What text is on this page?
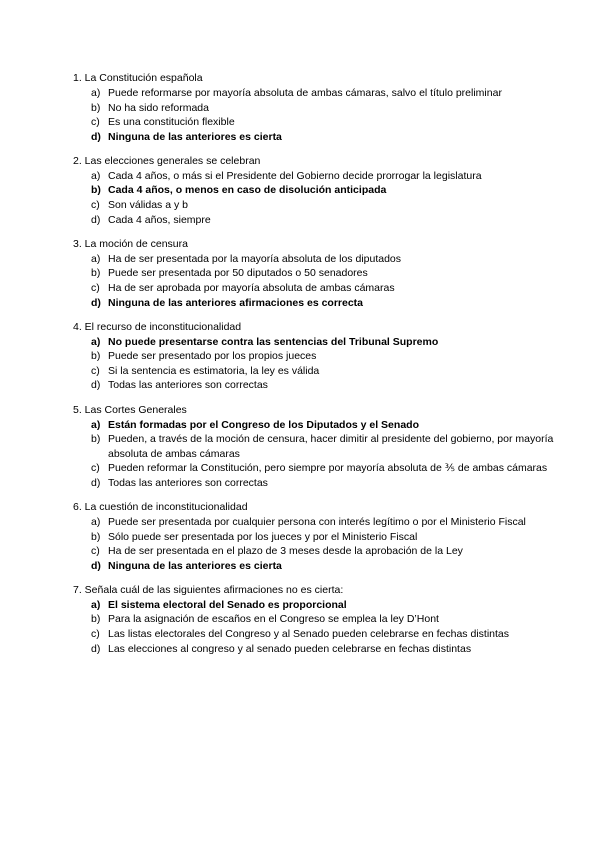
1. La Constitución española
a) Puede reformarse por mayoría absoluta de ambas cámaras, salvo el título preliminar
b) No ha sido reformada
c) Es una constitución flexible
d) Ninguna de las anteriores es cierta
2. Las elecciones generales se celebran
a) Cada 4 años, o más si el Presidente del Gobierno decide prorrogar la legislatura
b) Cada 4 años, o menos en caso de disolución anticipada
c) Son válidas a y b
d) Cada 4 años, siempre
3. La moción de censura
a) Ha de ser presentada por la mayoría absoluta de los diputados
b) Puede ser presentada por 50 diputados o 50 senadores
c) Ha de ser aprobada por mayoría absoluta de ambas cámaras
d) Ninguna de las anteriores afirmaciones es correcta
4. El recurso de inconstitucionalidad
a) No puede presentarse contra las sentencias del Tribunal Supremo
b) Puede ser presentado por los propios jueces
c) Si la sentencia es estimatoria, la ley es válida
d) Todas las anteriores son correctas
5. Las Cortes Generales
a) Están formadas por el Congreso de los Diputados y el Senado
b) Pueden, a través de la moción de censura, hacer dimitir al presidente del gobierno, por mayoría absoluta de ambas cámaras
c) Pueden reformar la Constitución, pero siempre por mayoría absoluta de ⅗ de ambas cámaras
d) Todas las anteriores son correctas
6. La cuestión de inconstitucionalidad
a) Puede ser presentada por cualquier persona con interés legítimo o por el Ministerio Fiscal
b) Sólo puede ser presentada por los jueces y por el Ministerio Fiscal
c) Ha de ser presentada en el plazo de 3 meses desde la aprobación de la Ley
d) Ninguna de las anteriores es cierta
7. Señala cuál de las siguientes afirmaciones no es cierta:
a) El sistema electoral del Senado es proporcional
b) Para la asignación de escaños en el Congreso se emplea la ley D’Hont
c) Las listas electorales del Congreso y al Senado pueden celebrarse en fechas distintas
d) Las elecciones al congreso y al senado pueden celebrarse en fechas distintas
